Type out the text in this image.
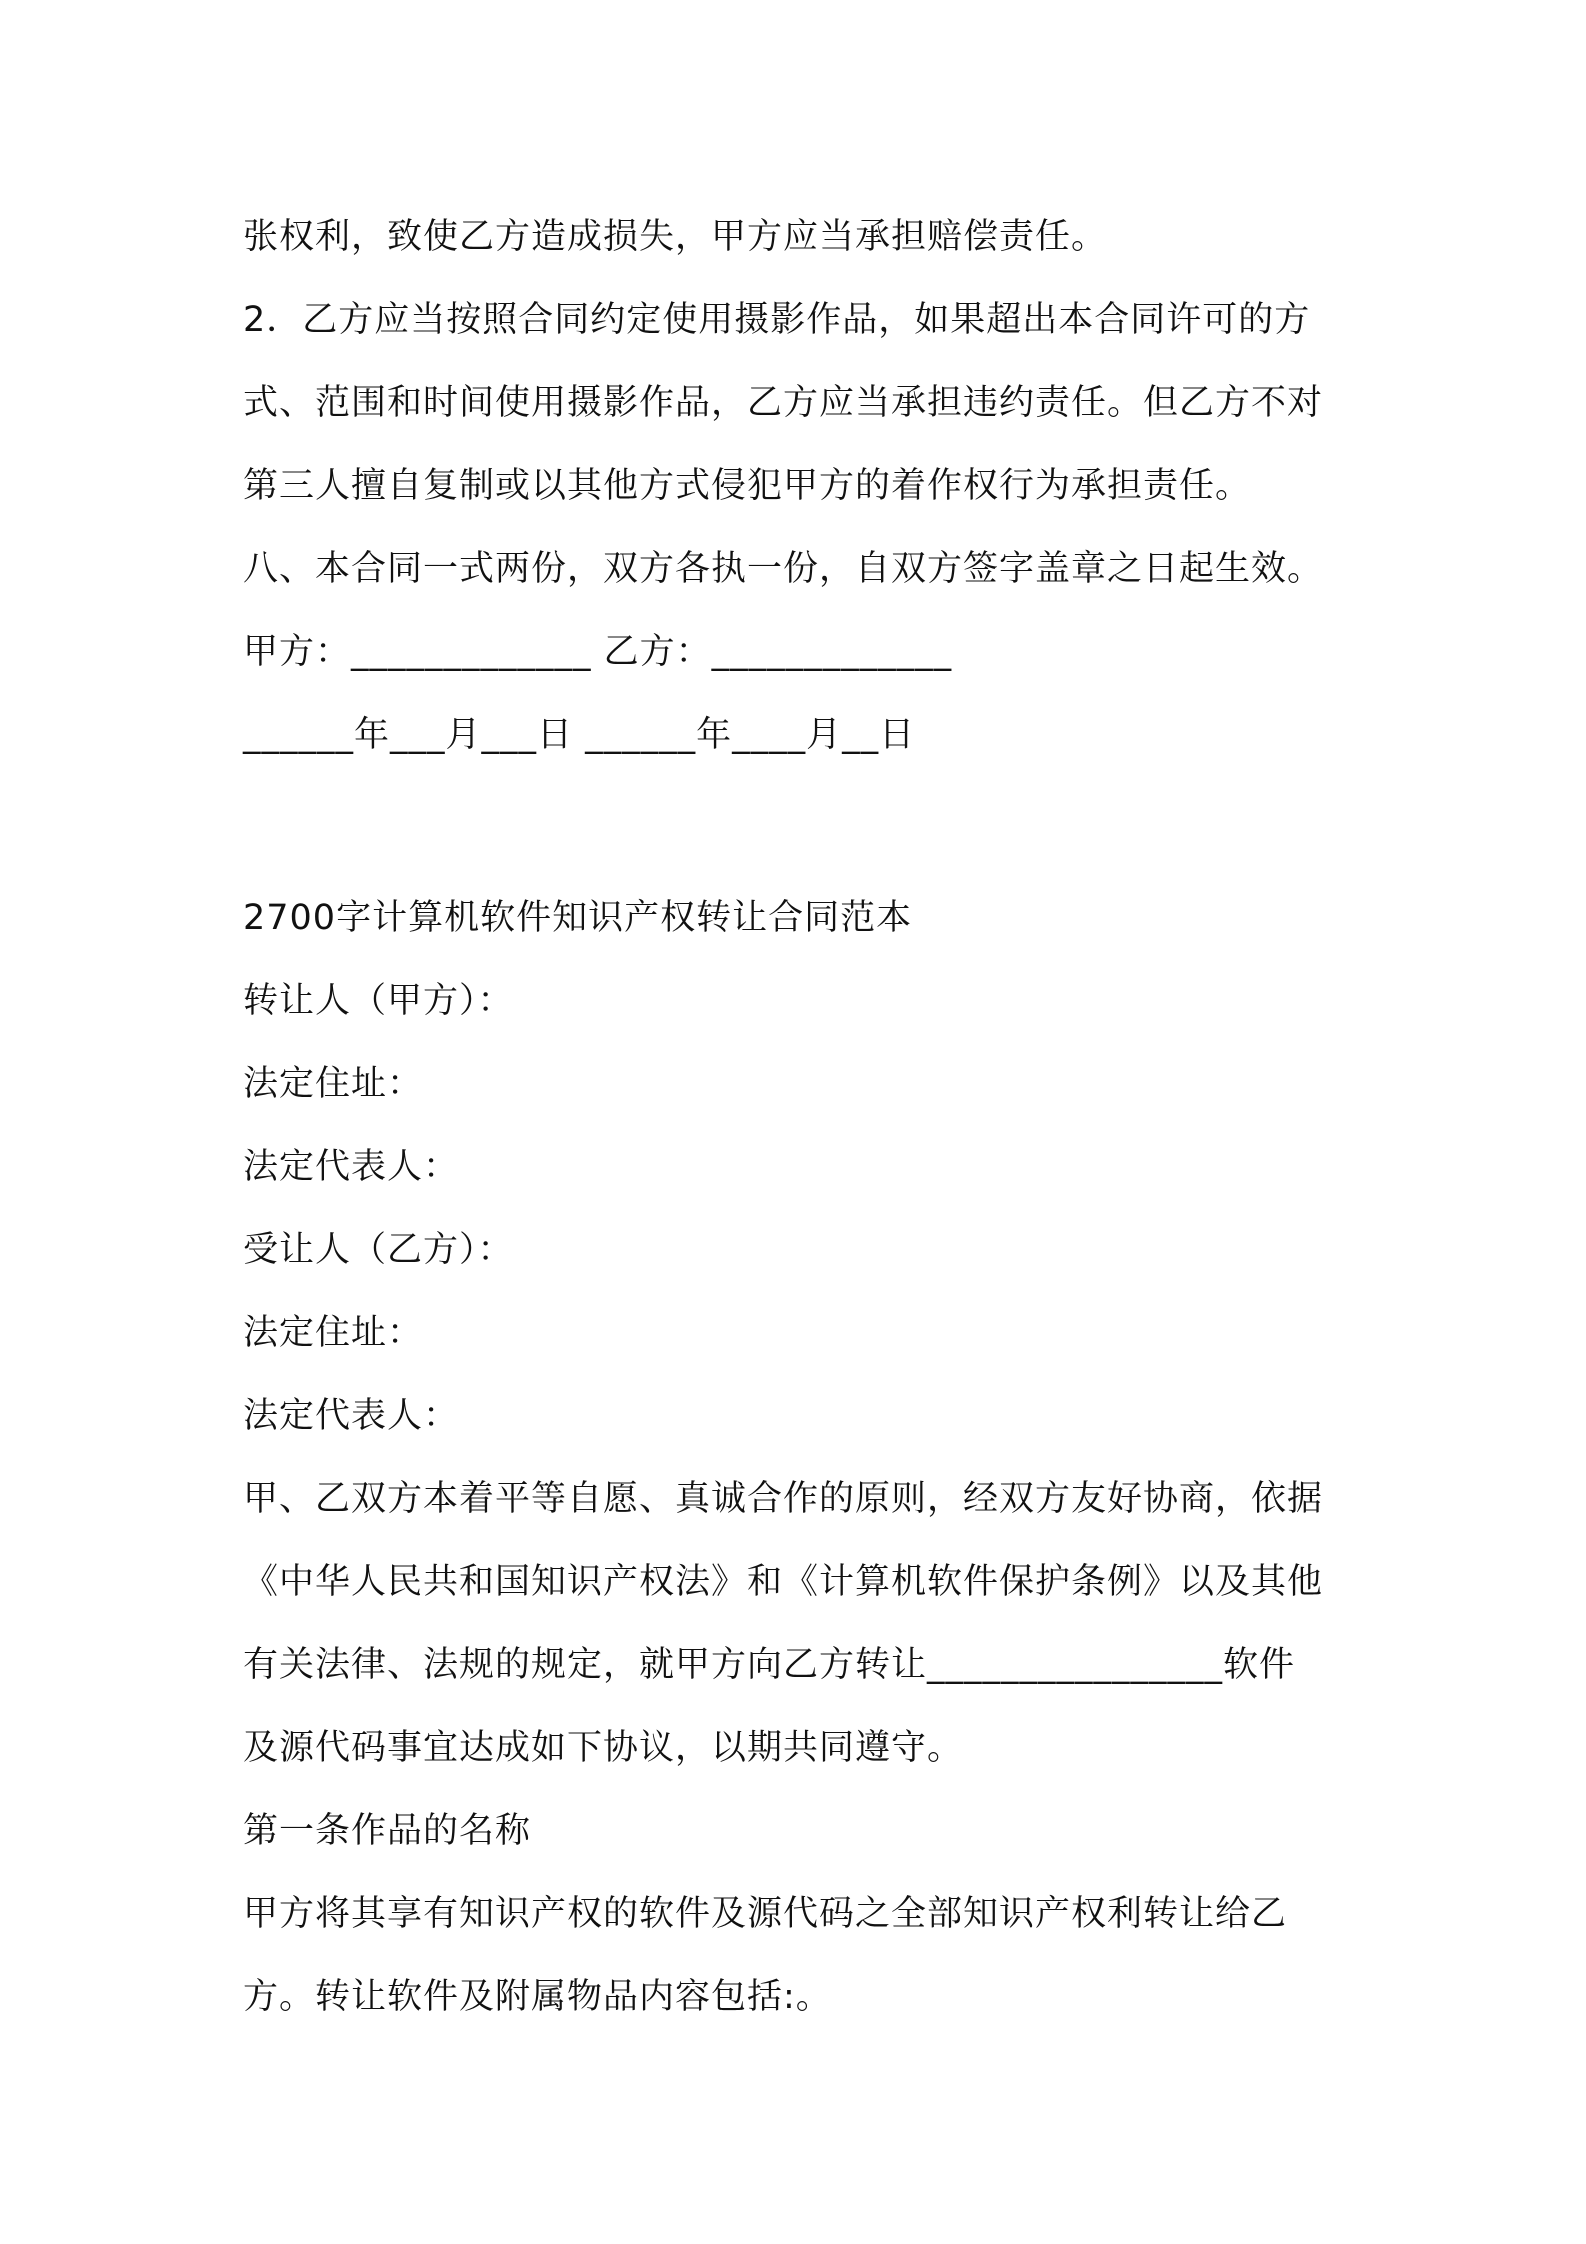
张权利，致使乙方造成损失，甲方应当承担赔偿责任。
2．乙方应当按照合同约定使用摄影作品，如果超出本合同许可的方
式、范围和时间使用摄影作品，乙方应当承担违约责任。但乙方不对
第三人擅自复制或以其他方式侵犯甲方的着作权行为承担责任。
八、本合同一式两份，双方各执一份，自双方签字盖章之日起生效。
甲方：_____________ 乙方：_____________
______年___月___日 ______年____月__日
2700字计算机软件知识产权转让合同范本
转让人（甲方）：
法定住址：
法定代表人：
受让人（乙方）：
法定住址：
法定代表人：
甲、乙双方本着平等自愿、真诚合作的原则，经双方友好协商，依据
《中华人民共和国知识产权法》和《计算机软件保护条例》以及其他
有关法律、法规的规定，就甲方向乙方转让________________软件
及源代码事宜达成如下协议，以期共同遵守。
第一条作品的名称
甲方将其享有知识产权的软件及源代码之全部知识产权利转让给乙
方。转让软件及附属物品内容包括:。
